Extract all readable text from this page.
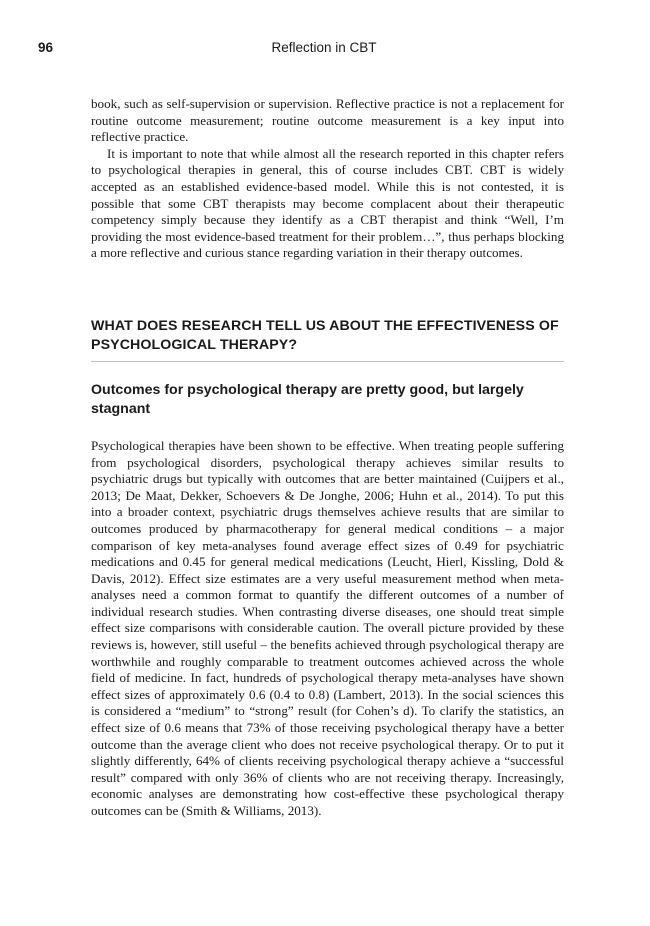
96	Reflection in CBT

book, such as self-supervision or supervision. Reflective practice is not a replacement for routine outcome measurement; routine outcome measurement is a key input into reflective practice.

It is important to note that while almost all the research reported in this chapter refers to psychological therapies in general, this of course includes CBT. CBT is widely accepted as an established evidence-based model. While this is not contested, it is possible that some CBT therapists may become complacent about their therapeutic competency simply because they identify as a CBT therapist and think “Well, I’m providing the most evidence-based treatment for their problem…”, thus perhaps blocking a more reflective and curious stance regarding variation in their therapy outcomes.

WHAT DOES RESEARCH TELL US ABOUT THE EFFECTIVENESS OF PSYCHOLOGICAL THERAPY?
Outcomes for psychological therapy are pretty good, but largely stagnant

Psychological therapies have been shown to be effective. When treating people suffering from psychological disorders, psychological therapy achieves similar results to psychiatric drugs but typically with outcomes that are better maintained (Cuijpers et al., 2013; De Maat, Dekker, Schoevers & De Jonghe, 2006; Huhn et al., 2014). To put this into a broader context, psychiatric drugs themselves achieve results that are similar to outcomes produced by pharmacotherapy for general medical conditions – a major comparison of key meta-analyses found average effect sizes of 0.49 for psychiatric medications and 0.45 for general medical medications (Leucht, Hierl, Kissling, Dold & Davis, 2012). Effect size estimates are a very useful measurement method when meta-analyses need a common format to quantify the different outcomes of a number of individual research studies. When contrasting diverse diseases, one should treat simple effect size comparisons with considerable caution. The overall picture provided by these reviews is, however, still useful – the benefits achieved through psychological therapy are worthwhile and roughly comparable to treatment outcomes achieved across the whole field of medicine. In fact, hundreds of psychological therapy meta-analyses have shown effect sizes of approximately 0.6 (0.4 to 0.8) (Lambert, 2013). In the social sciences this is considered a “medium” to “strong” result (for Cohen’s d). To clarify the statistics, an effect size of 0.6 means that 73% of those receiving psychological therapy have a better outcome than the average client who does not receive psychological therapy. Or to put it slightly differently, 64% of clients receiving psychological therapy achieve a “successful result” compared with only 36% of clients who are not receiving therapy. Increasingly, economic analyses are demonstrating how cost-effective these psychological therapy outcomes can be (Smith & Williams, 2013).
